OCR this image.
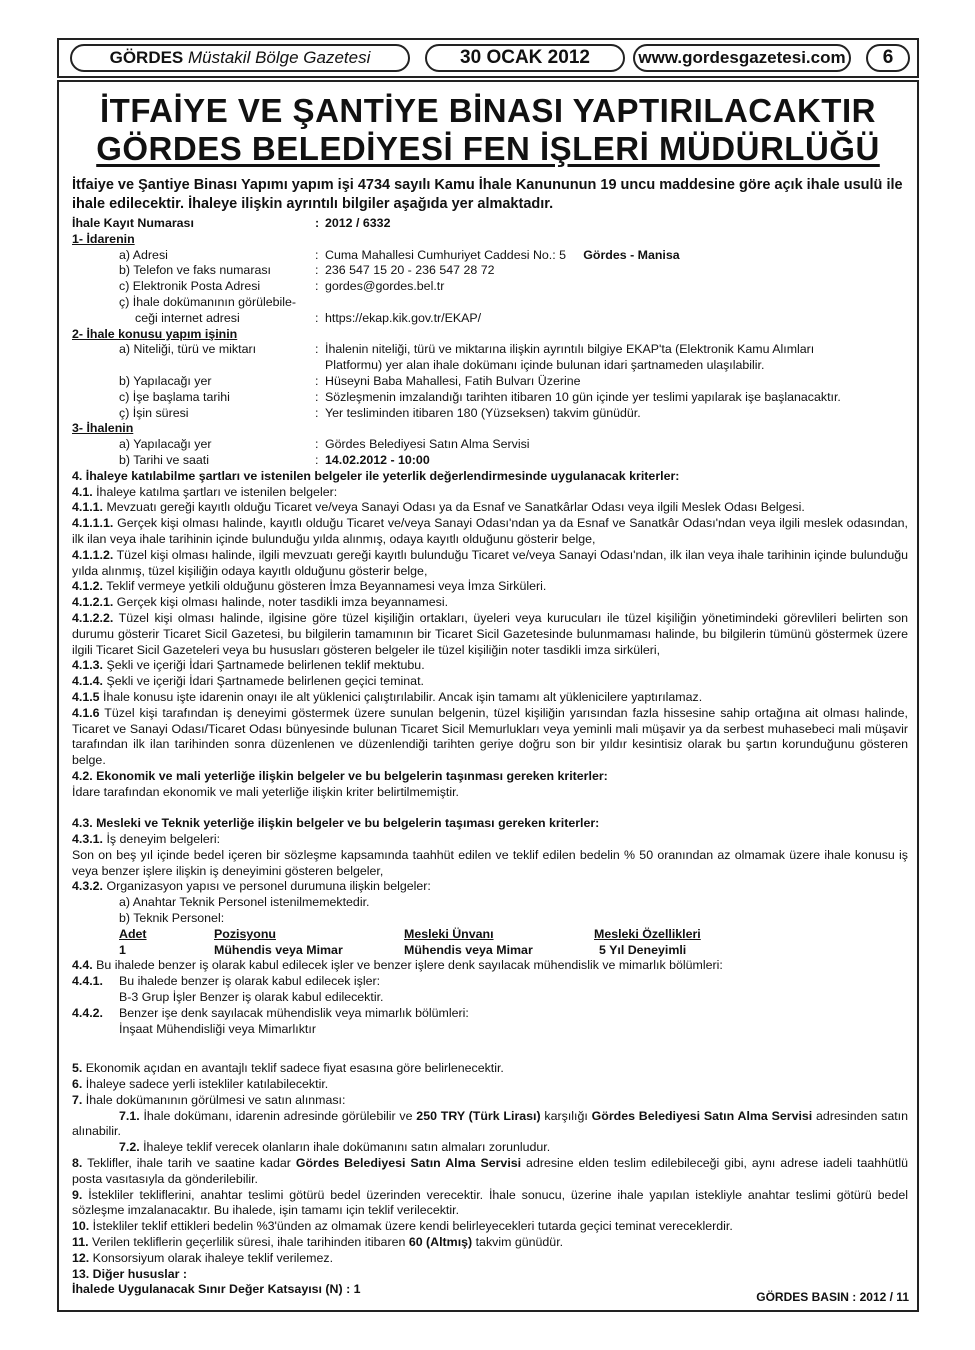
GÖRDES
Müstakil Bölge Gazetesi	30 OCAK 2012	www.gordesgazetesi.com	6
İTFAİYE VE ŞANTİYE BİNASI YAPTIRILACAKTIR
GÖRDES BELEDİYESİ FEN İŞLERİ MÜDÜRLÜĞÜ
İtfaiye ve Şantiye Binası Yapımı yapım işi 4734 sayılı Kamu İhale Kanununun 19 uncu maddesine göre açık ihale usulü ile ihale edilecektir. İhaleye ilişkin ayrıntılı bilgiler aşağıda yer almaktadır.
İhale Kayıt Numarası	: 2012 / 6332

1- İdarenin

a) Adresi	: Cuma Mahallesi Cumhuriyet Caddesi No.: 5 Gördes - Manisa
b) Telefon ve faks numarası	: 236 547 15 20 - 236 547 28 72
c) Elektronik Posta Adresi	: gordes@gordes.bel.tr
ç) İhale dokümanının görülebile-
ceği internet adresi	: https://ekap.kik.gov.tr/EKAP/

2- İhale konusu yapım işinin

a) Niteliği, türü ve miktarı	: İhalenin niteliği, türü ve miktarına ilişkin ayrıntılı bilgiye EKAP'ta (Elektronik Kamu Alımları
Platformu) yer alan ihale dokümanı içinde bulunan idari şartnameden ulaşılabilir.
b) Yapılacağı yer	: Hüseyni Baba Mahallesi, Fatih Bulvarı Üzerine
c) İşe başlama tarihi	: Sözleşmenin imzalandığı tarihten itibaren 10 gün içinde yer teslimi yapılarak işe başlanacaktır.
ç) İşin süresi	: Yer tesliminden itibaren 180 (Yüzseksen) takvim günüdür.

3- İhalenin

a) Yapılacağı yer	: Gördes Belediyesi Satın Alma Servisi
b) Tarihi ve saati	: 14.02.2012 - 10:00

4. İhaleye katılabilme şartları ve istenilen belgeler ile yeterlik değerlendirmesinde uygulanacak kriterler:

4.1. İhaleye katılma şartları ve istenilen belgeler:

4.1.1. Mevzuatı gereği kayıtlı olduğu Ticaret ve/veya Sanayi Odası ya da Esnaf ve Sanatkârlar Odası veya ilgili Meslek Odası Belgesi.

4.1.1.1. Gerçek kişi olması halinde, kayıtlı olduğu Ticaret ve/veya Sanayi Odası'ndan ya da Esnaf ve Sanatkâr Odası'ndan veya ilgili meslek odasından, ilk ilan veya ihale tarihinin içinde bulunduğu yılda alınmış, odaya kayıtlı olduğunu gösterir belge,

4.1.1.2. Tüzel kişi olması halinde, ilgili mevzuatı gereği kayıtlı bulunduğu Ticaret ve/veya Sanayi Odası'ndan, ilk ilan veya ihale tarihinin içinde bulunduğu yılda alınmış, tüzel kişiliğin odaya kayıtlı olduğunu gösterir belge,

4.1.2. Teklif vermeye yetkili olduğunu gösteren İmza Beyannamesi veya İmza Sirküleri.

4.1.2.1. Gerçek kişi olması halinde, noter tasdikli imza beyannamesi.

4.1.2.2. Tüzel kişi olması halinde, ilgisine göre tüzel kişiliğin ortakları, üyeleri veya kurucuları ile tüzel kişiliğin yönetimindeki görevlileri belirten son durumu gösterir Ticaret Sicil Gazetesi, bu bilgilerin tamamının bir Ticaret Sicil Gazetesinde bulunmaması halinde, bu bilgilerin tümünü göstermek üzere ilgili Ticaret Sicil Gazeteleri veya bu hususları gösteren belgeler ile tüzel kişiliğin noter tasdikli imza sirküleri,

4.1.3. Şekli ve içeriği İdari Şartnamede belirlenen teklif mektubu.

4.1.4. Şekli ve içeriği İdari Şartnamede belirlenen geçici teminat.

4.1.5 İhale konusu işte idarenin onayı ile alt yüklenici çalıştırılabilir. Ancak işin tamamı alt yüklenicilere yaptırılamaz.

4.1.6 Tüzel kişi tarafından iş deneyimi göstermek üzere sunulan belgenin, tüzel kişiliğin yarısından fazla hissesine sahip ortağına ait olması halinde, Ticaret ve Sanayi Odası/Ticaret Odası bünyesinde bulunan Ticaret Sicil Memurlukları veya yeminli mali müşavir ya da serbest muhasebeci mali müşavir tarafından ilk ilan tarihinden sonra düzenlenen ve düzenlendiği tarihten geriye doğru son bir yıldır kesintisiz olarak bu şartın korunduğunu gösteren belge.

4.2. Ekonomik ve mali yeterliğe ilişkin belgeler ve bu belgelerin taşınması gereken kriterler:

İdare tarafından ekonomik ve mali yeterliğe ilişkin kriter belirtilmemiştir.

4.3. Mesleki ve Teknik yeterliğe ilişkin belgeler ve bu belgelerin taşıması gereken kriterler:

4.3.1. İş deneyim belgeleri:

Son on beş yıl içinde bedel içeren bir sözleşme kapsamında taahhüt edilen ve teklif edilen bedelin % 50 oranından az olmamak üzere ihale konusu iş veya benzer işlere ilişkin iş deneyimini gösteren belgeler,

4.3.2. Organizasyon yapısı ve personel durumuna ilişkin belgeler:

a) Anahtar Teknik Personel istenilmemektedir.

b) Teknik Personel:

Adet	Pozisyonu	Mesleki Ünvanı	Mesleki Özellikleri
1	Mühendis veya Mimar	Mühendis veya Mimar	5 Yıl Deneyimli

4.4. Bu ihalede benzer iş olarak kabul edilecek işler ve benzer işlere denk sayılacak mühendislik ve mimarlık bölümleri:

4.4.1. Bu ihalede benzer iş olarak kabul edilecek işler:

B-3 Grup İşler Benzer iş olarak kabul edilecektir.

4.4.2. Benzer işe denk sayılacak mühendislik veya mimarlık bölümleri:

İnşaat Mühendisliği veya Mimarlıktır

5. Ekonomik açıdan en avantajlı teklif sadece fiyat esasına göre belirlenecektir.

6. İhaleye sadece yerli istekliler katılabilecektir.

7. İhale dokümanının görülmesi ve satın alınması:

7.1. İhale dokümanı, idarenin adresinde görülebilir ve 250 TRY (Türk Lirası) karşılığı Gördes Belediyesi Satın Alma Servisi adresinden satın alınabilir.

7.2. İhaleye teklif verecek olanların ihale dokümanını satın almaları zorunludur.

8. Teklifler, ihale tarih ve saatine kadar Gördes Belediyesi Satın Alma Servisi adresine elden teslim edilebileceği gibi, aynı adrese iadeli taahhütlü posta vasıtasıyla da gönderilebilir.

9. İstekliler tekliflerini, anahtar teslimi götürü bedel üzerinden verecektir. İhale sonucu, üzerine ihale yapılan istekliyle anahtar teslimi götürü bedel sözleşme imzalanacaktır. Bu ihalede, işin tamamı için teklif verilecektir.

10. İstekliler teklif ettikleri bedelin %3'ünden az olmamak üzere kendi belirleyecekleri tutarda geçici teminat vereceklerdir.

11. Verilen tekliflerin geçerlilik süresi, ihale tarihinden itibaren 60 (Altmış) takvim günüdür.

12. Konsorsiyum olarak ihaleye teklif verilemez.

13. Diğer hususlar :

İhalede Uygulanacak Sınır Değer Katsayısı (N) : 1

GÖRDES BASIN : 2012 / 11
